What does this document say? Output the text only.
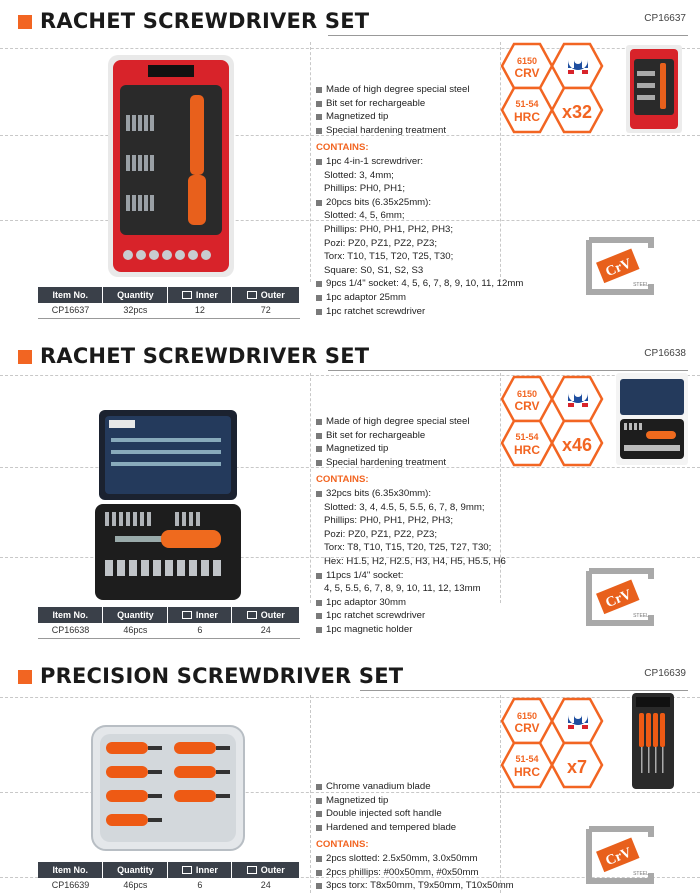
RACHET SCREWDRIVER SET	CP16637
Made of high degree special steel
Bit set for rechargeable
Magnetized tip
Special hardening treatment
CONTAINS:
1pc 4-in-1 screwdriver:
Slotted: 3, 4mm;
Phillips: PH0, PH1;
20pcs bits (6.35x25mm):
Slotted: 4, 5, 6mm;
Phillips: PH0, PH1, PH2, PH3;
Pozi: PZ0, PZ1, PZ2, PZ3;
Torx: T10, T15, T20, T25, T30;
Square: S0, S1, S2, S3
9pcs 1/4" socket: 4, 5, 6, 7, 8, 9, 10, 11, 12mm
1pc adaptor 25mm
1pc ratchet screwdriver
6150
CRV
51-54
HRC x32
CrV
STEEL
Item No.	Quantity	Inner	Outer
CP16637	32pcs	12	72
RACHET SCREWDRIVER SET	CP16638
Made of high degree special steel
Bit set for rechargeable
Magnetized tip
Special hardening treatment
CONTAINS:
32pcs bits (6.35x30mm):
Slotted: 3, 4, 4.5, 5, 5.5, 6, 7, 8, 9mm;
Phillips: PH0, PH1, PH2, PH3;
Pozi: PZ0, PZ1, PZ2, PZ3;
Torx: T8, T10, T15, T20, T25, T27, T30;
Hex: H1.5, H2, H2.5, H3, H4, H5, H5.5, H6
11pcs 1/4" socket:
4, 5, 5.5, 6, 7, 8, 9, 10, 11, 12, 13mm
1pc adaptor 30mm
1pc ratchet screwdriver
1pc magnetic holder
6150
CRV
51-54
HRC x46
CrV
STEEL
Item No.	Quantity	Inner	Outer
CP16638	46pcs	6	24
PRECISION SCREWDRIVER SET	CP16639
Chrome vanadium blade
Magnetized tip
Double injected soft handle
Hardened and tempered blade
CONTAINS:
2pcs slotted: 2.5x50mm, 3.0x50mm
2pcs phillips: #00x50mm, #0x50mm
3pcs torx: T8x50mm, T9x50mm, T10x50mm
6150
CRV
51-54
HRC x7
CrV
STEEL
Item No.	Quantity	Inner	Outer
CP16639	46pcs	6	24
